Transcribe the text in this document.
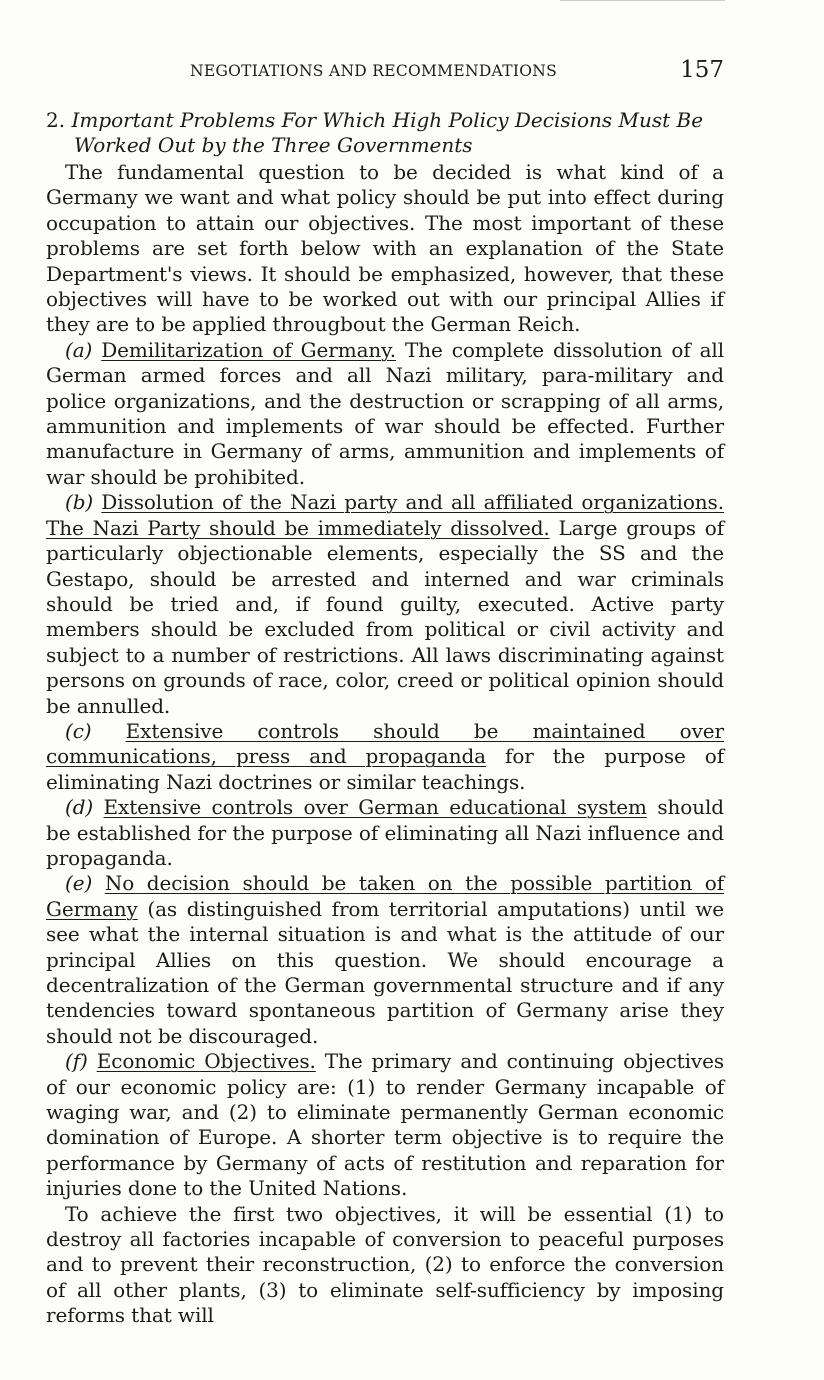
NEGOTIATIONS AND RECOMMENDATIONS	157
2. Important Problems For Which High Policy Decisions Must Be Worked Out by the Three Governments

The fundamental question to be decided is what kind of a Germany we want and what policy should be put into effect during occupation to attain our objectives. The most important of these problems are set forth below with an explanation of the State Department's views. It should be emphasized, however, that these objectives will have to be worked out with our principal Allies if they are to be applied througbout the German Reich.

(a) Demilitarization of Germany. The complete dissolution of all German armed forces and all Nazi military, para-military and police organizations, and the destruction or scrapping of all arms, ammunition and implements of war should be effected. Further manufacture in Germany of arms, ammunition and implements of war should be prohibited.

(b) Dissolution of the Nazi party and all affiliated organizations. The Nazi Party should be immediately dissolved. Large groups of particularly objectionable elements, especially the SS and the Gestapo, should be arrested and interned and war criminals should be tried and, if found guilty, executed. Active party members should be excluded from political or civil activity and subject to a number of restrictions. All laws discriminating against persons on grounds of race, color, creed or political opinion should be annulled.

(c) Extensive controls should be maintained over communications, press and propaganda for the purpose of eliminating Nazi doctrines or similar teachings.

(d) Extensive controls over German educational system should be established for the purpose of eliminating all Nazi influence and propaganda.

(e) No decision should be taken on the possible partition of Germany (as distinguished from territorial amputations) until we see what the internal situation is and what is the attitude of our principal Allies on this question. We should encourage a decentralization of the German governmental structure and if any tendencies toward spontaneous partition of Germany arise they should not be discouraged.

(f) Economic Objectives. The primary and continuing objectives of our economic policy are: (1) to render Germany incapable of waging war, and (2) to eliminate permanently German economic domination of Europe. A shorter term objective is to require the performance by Germany of acts of restitution and reparation for injuries done to the United Nations.

To achieve the first two objectives, it will be essential (1) to destroy all factories incapable of conversion to peaceful purposes and to prevent their reconstruction, (2) to enforce the conversion of all other plants, (3) to eliminate self-sufficiency by imposing reforms that will
